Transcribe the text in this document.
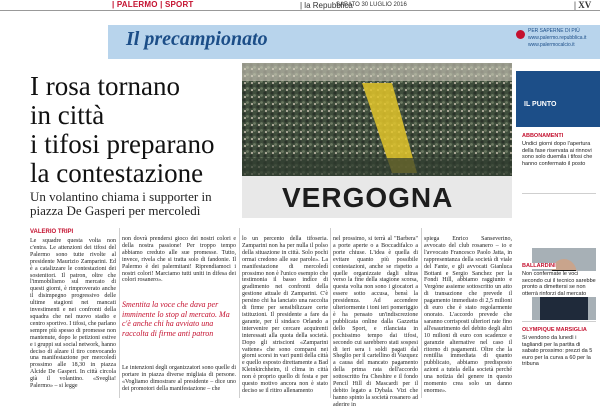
| PALERMO | SPORT	| la Repubblica
SABATO 30 LUGLIO 2016	| XV
Il precampionato	PER SAPERNE DI PIÙ
www.palermo.repubblica.it
www.palermocalcio.it
I rosa tornano
in città
i tifosi preparano
la contestazione
Un volantino chiama i supporter in piazza De Gasperi per mercoledì	VERGOGNA
VALERIO TRIPI
Le squadre questa volta non c'entra. Le attenzioni dei tifosi del Palermo sono tutte rivolte al presidente Maurizio Zamparini. Ed è a catalizzare le contestazioni dei sostenitori. Il patron, oltre che l'immobilismo sul mercato di questi giorni, è rimproverato anche il disimpegno progressivo delle ultime stagioni nei mancati investimenti e nei confronti della squadra che nel nuovo stadio e centro sportivo. I tifosi, che parlano sempre più spesso di promesse non mantenute, dopo le petizioni estive e i gruppi sui social network, hanno deciso di alzare il tiro convocando una manifestazione per mercoledì prossimo alle 18,30 in piazza Alcide De Gasperi. In città circola già il volantino. «Sveglia! Palermo» – si legge
non dovrà prendersi gioco dei nostri colori e della nostra passione! Per troppo tempo abbiamo creduto alle sue promesse. Tutto, invece, rivela che si tratta solo di fandonie. Il Palermo è dei palermitani! Riprendiamoci i nostri colori! Marciamo tutti uniti in difesa dei colori rosanero».
Smentita la voce che dava per imminente lo stop al mercato. Ma c'è anche chi ha avviato una raccolta di firme anti patron
Le intenzioni degli organizzatori sono quelle di portare in piazza diverse migliaia di persone. «Vogliamo dimostrare al presidente – dice uno dei promotori della manifestazione – che
lo un percento della tifoseria. Zamparini non ha per nulla il polso della situazione in città. Solo pochi ormai credono alle sue parole». La manifestazione di mercoledì prossimo non è l'unico esempio che testimonia il basso indice di gradimento nei confronti della gestione attuale di Zamparini. C'è persino chi ha lanciato una raccolta di firme per sensibilizzare certe istituzioni. Il presidente a fare da garante, per il sindaco Orlando a intervenire per cercare acquirenti interessati alla quota della società. Dopo gli striscioni «Zamparini vattene» che sono comparsi nei giorni scorsi in vari punti della città e quello esposto direttamente a Bad Kleinkirchheim, il clima in città non è proprio quello di festa e per questo motivo ancora non è stato deciso se il ritiro allenamento
nel prossimo, si terrà al "Barbera" a porte aperte o a Boccadifalco a porte chiuse. L'idea è quella di evitare quanto più possibile contestazioni, anche se rispetto a quelle organizzate dagli ultras verso la fine della stagione scorsa, questa volta non sono i giocatori a essere sotto accusa, bensì la presidenza. Ad accendere ulteriormente i toni ieri pomeriggio è ha pensato un'indiscrezione pubblicata online dalla Gazzetta dello Sport, e rilanciata in pochissimo tempo dai tifosi, secondo cui sarebbero stati sospesi di ieri sera i soldi pagati dal Sheglio per il cartellino di Vazquez a causa del mancato pagamento della prima rata dell'accordo sottoscritto fra Cheshire e il fondo Pencil Hill di Mascardi per il debito legato a Dybala. Vizi che hanno spinto la società rosanero ad aderire in
spiega Enrico Sanseverino, avvocato del club rosanero – io e l'avvocato Francesco Paolo Jatta, in rappresentanza della società di viale del Fante, e gli avvocati Gianluca Bottani e Sergio Sanchez per la Fondi Hill, abbiamo raggiunto e Vergòne assieme sottoscritto un atto di transazione che prevede il pagamento immediato di 2,5 milioni di euro che è stato regolarmente onorato. L'accordo prevede che saranno corrisposti ulteriori rate fino all'esaurimento del debito degli altri 10 milioni di euro con scadenze e garanzie alternative nel caso il ritorno di pagamenti. Oltre che la rentillia immediata di quanto pubblicato, abbiamo predisposto azioni a tutela della società perché una notizia del genere in questo momento crea solo un danno enorme».
IL PUNTO
ABBONAMENTI
Undici giorni dopo l'apertura della fase riservata ai rinnovi sono solo duemila i tifosi che hanno confermato il posto
BALLARDINI
Non confermate le voci secondo cui il tecnico sarebbe pronto a dimettersi se non otterrà rinforzi dal mercato
OLYMPIQUE MARSIGLIA
Si vendono da lunedì i tagliandi per la partita di sabato prossimo: prezzi da 5 euro per la curva a 60 per la tribuna
